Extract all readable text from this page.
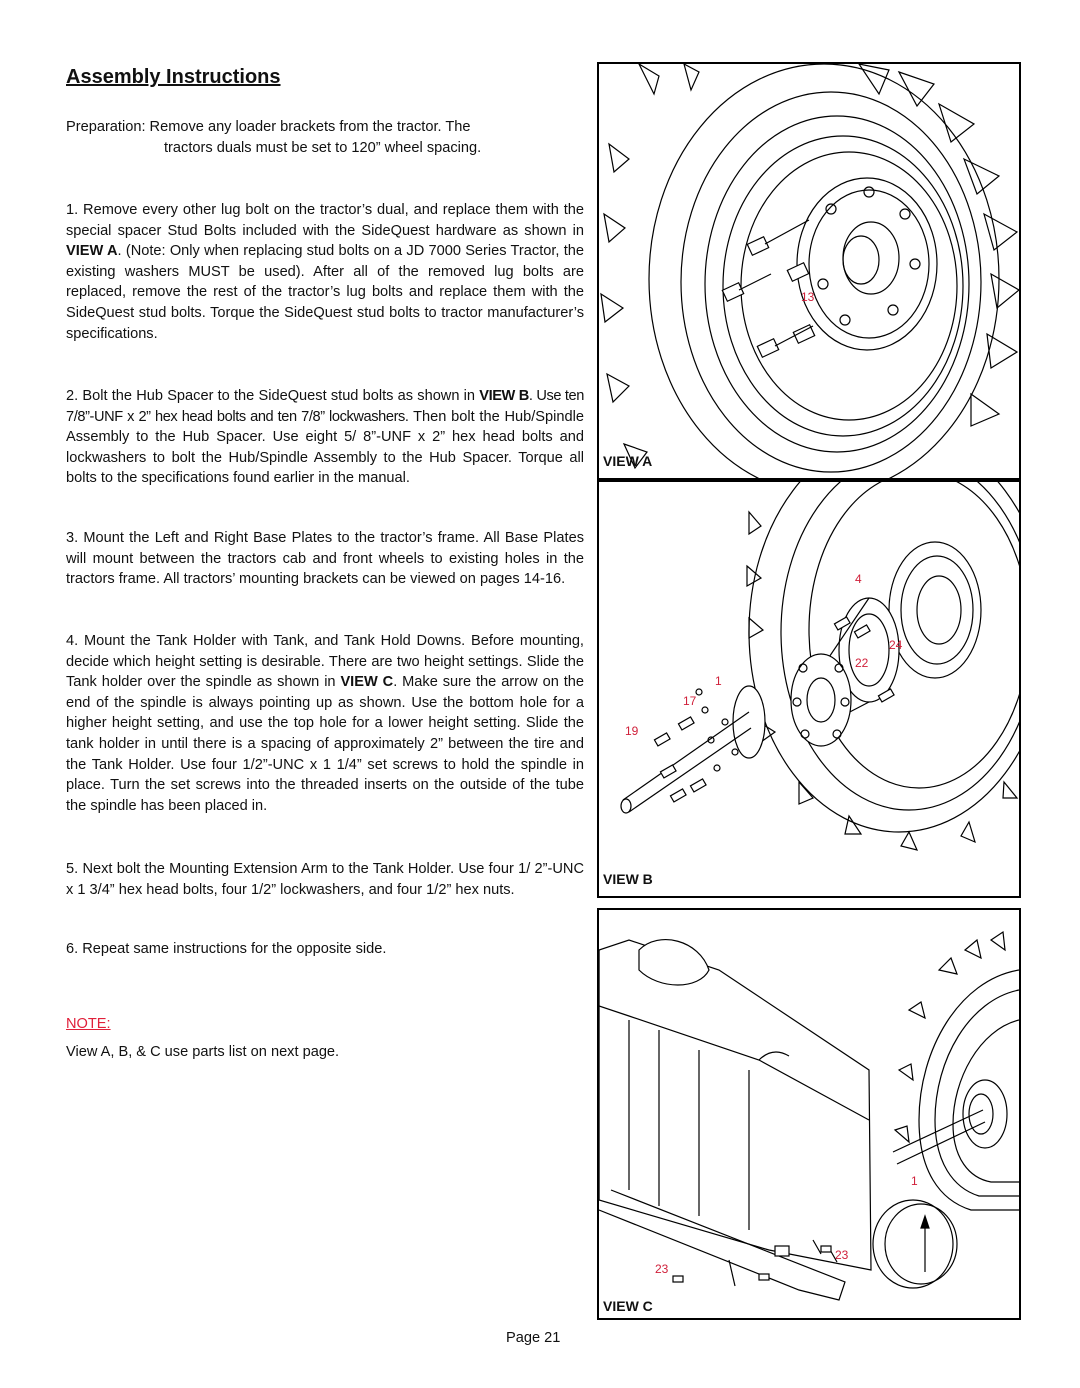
Assembly Instructions
Preparation: Remove any loader brackets from the tractor. The
tractors duals must be set to 120” wheel spacing.
1. Remove every other lug bolt on the tractor’s dual, and replace them with the special spacer Stud Bolts included with the SideQuest hardware as shown in VIEW A. (Note: Only when replacing stud bolts on a JD 7000 Series Tractor, the existing washers MUST be used). After all of the removed lug bolts are replaced, remove the rest of the tractor’s lug bolts and replace them with the SideQuest stud bolts. Torque the SideQuest stud bolts to tractor manufacturer’s specifications.
2. Bolt the Hub Spacer to the SideQuest stud bolts as shown in VIEW B. Use ten 7/8”-UNF x 2” hex head bolts and ten 7/8” lockwashers. Then bolt the Hub/Spindle Assembly to the Hub Spacer. Use eight 5/ 8”-UNF x 2” hex head bolts and lockwashers to bolt the Hub/Spindle Assembly to the Hub Spacer. Torque all bolts to the specifications found earlier in the manual.
3. Mount the Left and Right Base Plates to the tractor’s frame. All Base Plates will mount between the tractors cab and front wheels to existing holes in the tractors frame. All tractors’ mounting brackets can be viewed on pages 14-16.
4. Mount the Tank Holder with Tank, and Tank Hold Downs. Before mounting, decide which height setting is desirable. There are two height settings. Slide the Tank holder over the spindle as shown in VIEW C. Make sure the arrow on the end of the spindle is always pointing up as shown. Use the bottom hole for a higher height setting, and use the top hole for a lower height setting. Slide the tank holder in until there is a spacing of approximately 2” between the tire and the Tank Holder. Use four 1/2”-UNC x 1 1/4” set screws to hold the spindle in place. Turn the set screws into the threaded inserts on the outside of the tube the spindle has been placed in.
5. Next bolt the Mounting Extension Arm to the Tank Holder. Use four 1/ 2”-UNC x 1 3/4” hex head bolts, four 1/2” lockwashers, and four 1/2” hex nuts.
6. Repeat same instructions for the opposite side.
NOTE:
View A, B, & C use parts list on next page.
13
VIEW A
4
24
22
1
17
19
VIEW B
1
23
23
VIEW C
Page 21
